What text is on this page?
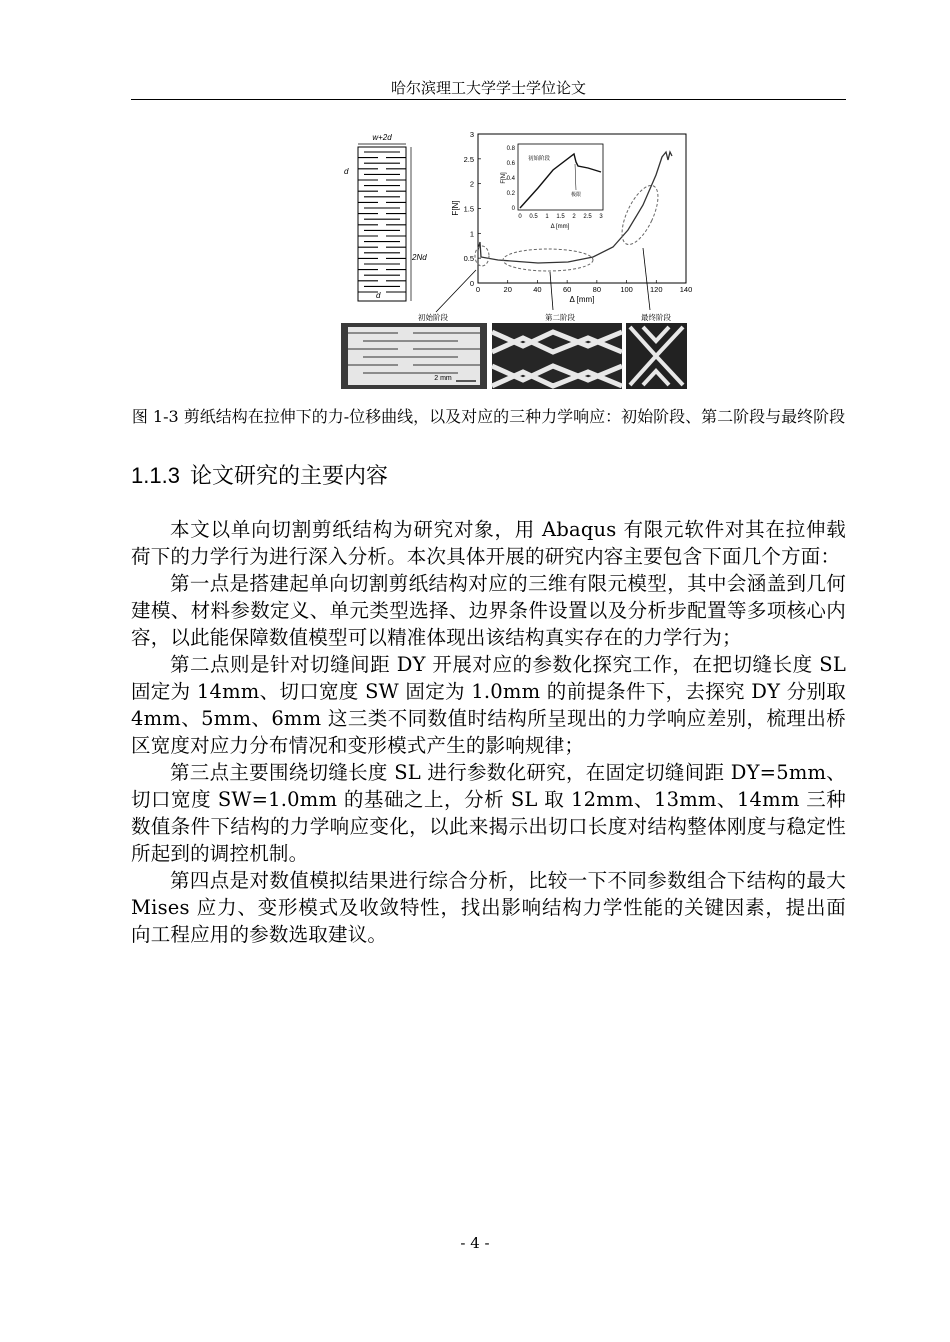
哈尔滨理工大学学士学位论文
w+2d
d
2Nd
d
F[N]
Δ [mm]
0
0.5
1
1.5
2
2.5
3
0	20	40	60	80	100 120 140
F[N]
Δ [mm]
0
0.2
0.4
0.6
0.8
0 0.5 1 1.5 2 2.5 3
初始阶段
极限
初始阶段	第二阶段	最终阶段
2 mm
图 1-3 剪纸结构在拉伸下的力-位移曲线，以及对应的三种力学响应：初始阶段、第二阶段与最终阶段
1.1.3 论文研究的主要内容

本文以单向切割剪纸结构为研究对象，用 Abaqus 有限元软件对其在拉伸载荷下的力学行为进行深入分析。本次具体开展的研究内容主要包含下面几个方面：

第一点是搭建起单向切割剪纸结构对应的三维有限元模型，其中会涵盖到几何建模、材料参数定义、单元类型选择、边界条件设置以及分析步配置等多项核心内容，以此能保障数值模型可以精准体现出该结构真实存在的力学行为；

第二点则是针对切缝间距 DY 开展对应的参数化探究工作，在把切缝长度 SL 固定为 14mm、切口宽度 SW 固定为 1.0mm 的前提条件下，去探究 DY 分别取 4mm、5mm、6mm 这三类不同数值时结构所呈现出的力学响应差别，梳理出桥区宽度对应力分布情况和变形模式产生的影响规律；

第三点主要围绕切缝长度 SL 进行参数化研究，在固定切缝间距 DY=5mm、切口宽度 SW=1.0mm 的基础之上，分析 SL 取 12mm、13mm、14mm 三种数值条件下结构的力学响应变化，以此来揭示出切口长度对结构整体刚度与稳定性所起到的调控机制。

第四点是对数值模拟结果进行综合分析，比较一下不同参数组合下结构的最大 Mises 应力、变形模式及收敛特性，找出影响结构力学性能的关键因素，提出面向工程应用的参数选取建议。

- 4 -
